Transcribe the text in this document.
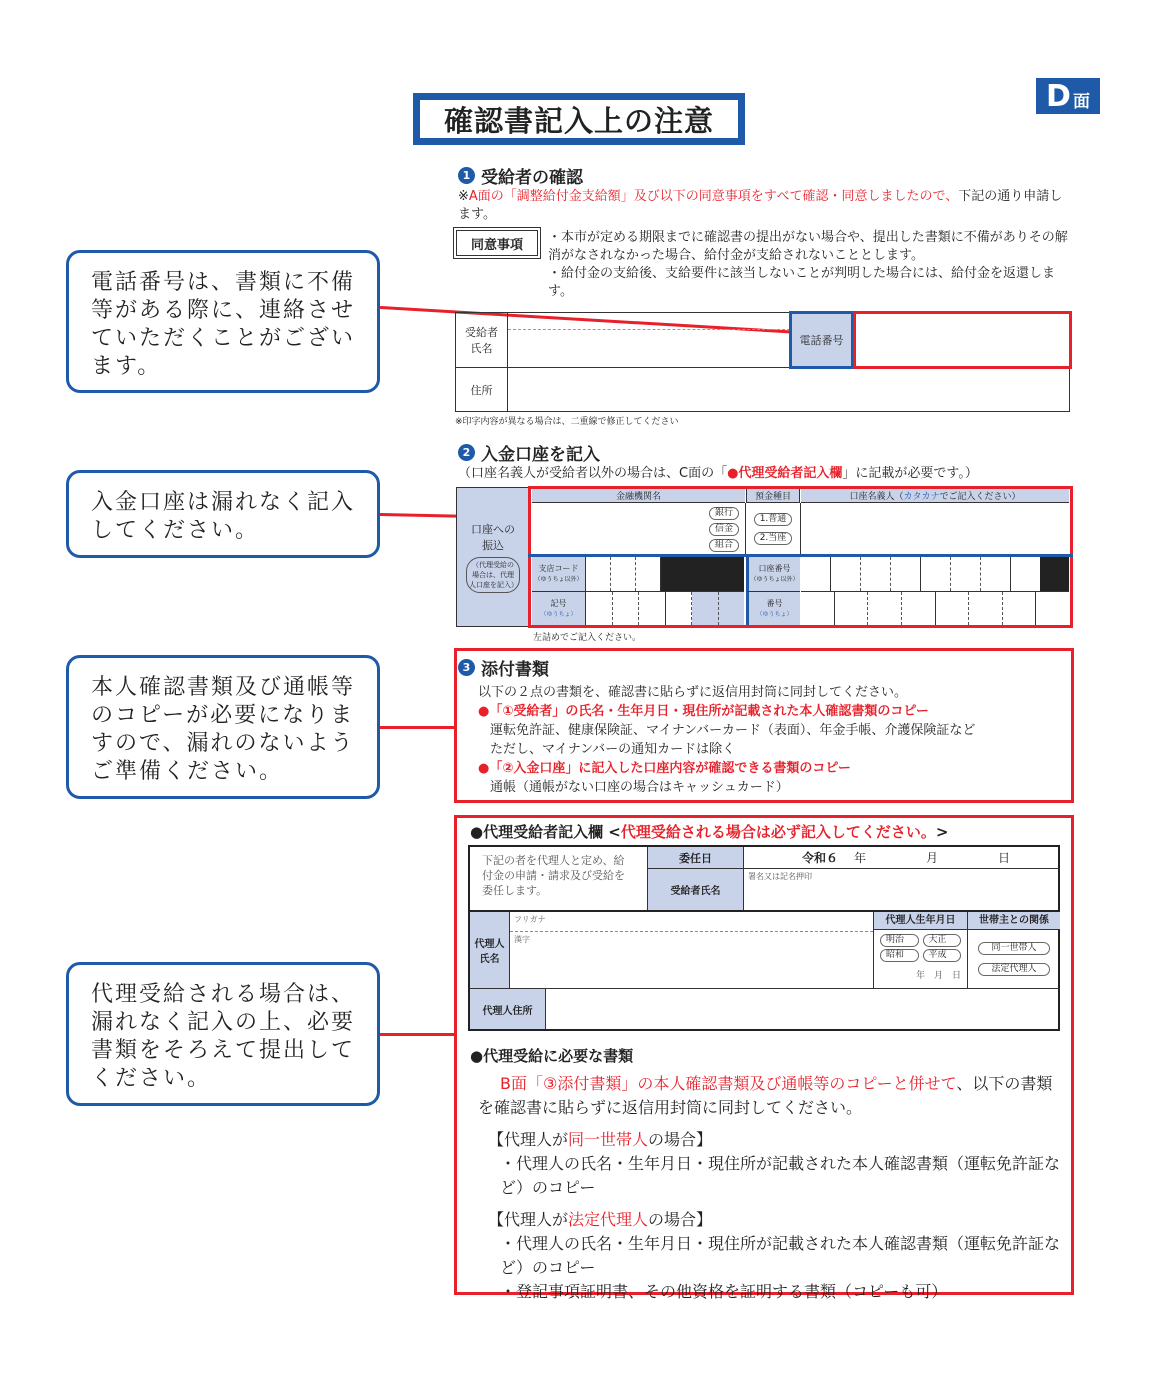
確認書記入上の注意
D 面
電話番号は、書類に不備等がある際に、連絡させていただくことがございます。
入金口座は漏れなく記入してください。
本人確認書類及び通帳等のコピーが必要になりますので、漏れのないようご準備ください。
代理受給される場合は、漏れなく記入の上、必要書類をそろえて提出してください。
1 受給者の確認
※A面の「調整給付金支給額」及び以下の同意事項をすべて確認・同意しましたので、下記の通り申請します。
同意事項 ・本市が定める期限までに確認書の提出がない場合や、提出した書類に不備がありその解消がなされなかった場合、給付金が支給されないこととします。
・給付金の支給後、支給要件に該当しないことが判明した場合には、給付金を返還します。
受給者氏名
電話番号
住所
※印字内容が異なる場合は、二重線で修正してください
2 入金口座を記入
（口座名義人が受給者以外の場合は、C面の「●代理受給者記入欄」に記載が必要です。）
口座への振込
（代理受給の場合は、代理人口座を記入）
金融機関名	預金種目	口座名義人（カタカナでご記入ください）
銀行
信金
組合
1.普通
2.当座
支店コード
（ゆうちょ以外）
口座番号
（ゆうちょ以外）
記号
（ゆうちょ）
番号
（ゆうちょ）
左詰めでご記入ください。
3 添付書類
以下の２点の書類を、確認書に貼らずに返信用封筒に同封してください。
●「①受給者」の氏名・生年月日・現住所が記載された本人確認書類のコピー
運転免許証、健康保険証、マイナンバーカード（表面）、年金手帳、介護保険証など
ただし、マイナンバーの通知カードは除く
●「②入金口座」に記入した口座内容が確認できる書類のコピー
通帳（通帳がない口座の場合はキャッシュカード）
●代理受給者記入欄 <代理受給される場合は必ず記入してください。>
下記の者を代理人と定め、給付金の申請・請求及び受給を委任します。
委任日	令和６ 年	月	日
受給者氏名
署名又は記名押印
代理人氏名
フリガナ
漢字
代理人生年月日	世帯主との関係
明治	大正
昭和	平成
年　月　日
同一世帯人
法定代理人
代理人住所
●代理受給に必要な書類
B面「③添付書類」の本人確認書類及び通帳等のコピーと併せて、以下の書類を確認書に貼らずに返信用封筒に同封してください。
【代理人が同一世帯人の場合】
・代理人の氏名・生年月日・現住所が記載された本人確認書類（運転免許証など）のコピー
【代理人が法定代理人の場合】
・代理人の氏名・生年月日・現住所が記載された本人確認書類（運転免許証など）のコピー
・登記事項証明書、その他資格を証明する書類（コピーも可）
